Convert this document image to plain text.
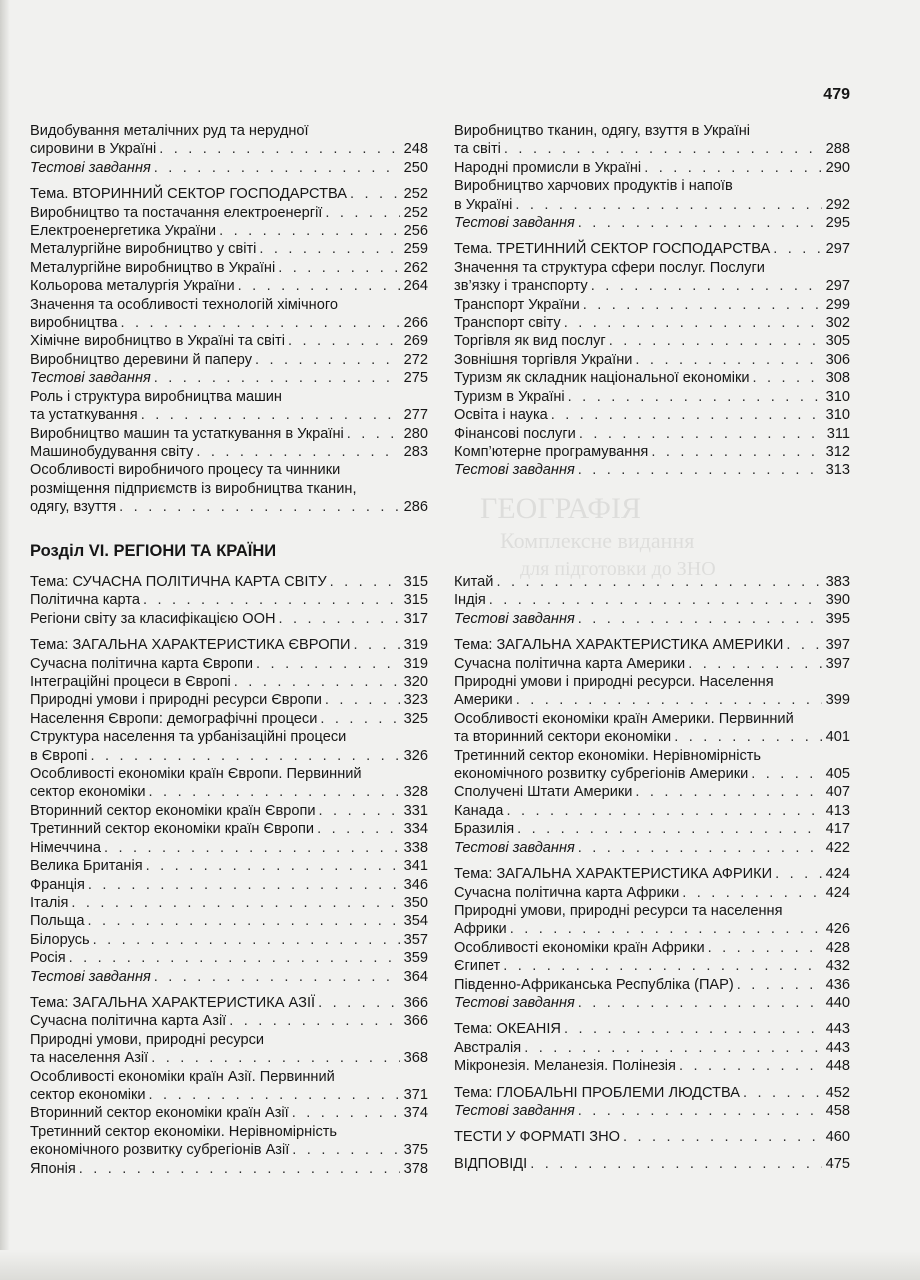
ГЕОГРАФІЯ
Комплексне видання
для підготовки до ЗНО
479
Видобування металічних руд та нерудної
сировини в Україні . . .	248
Тестові завдання . . .	250
Тема. ВТОРИННИЙ СЕКТОР ГОСПОДАРСТВА . . .	252
Виробництво та постачання електроенергії . . .	252
Електроенергетика України . . .	256
Металургійне виробництво у світі . . .	259
Металургійне виробництво в Україні . . .	262
Кольорова металургія України . . .	264
Значення та особливості технологій хімічного
виробництва . . .	266
Хімічне виробництво в Україні та світі . . .	269
Виробництво деревини й паперу . . .	272
Тестові завдання . . .	275
Роль і структура виробництва машин
та устаткування . . .	277
Виробництво машин та устаткування в Україні . . .	280
Машинобудування світу . . .	283
Особливості виробничого процесу та чинники
розміщення підприємств із виробництва тканин,
одягу, взуття . . .	286
Виробництво тканин, одягу, взуття в Україні
та світі . . .	288
Народні промисли в Україні . . .	290
Виробництво харчових продуктів і напоїв
в Україні . . .	292
Тестові завдання . . .	295
Тема. ТРЕТИННИЙ СЕКТОР ГОСПОДАРСТВА . . .	297
Значення та структура сфери послуг. Послуги
зв’язку і транспорту . . .	297
Транспорт України . . .	299
Транспорт світу . . .	302
Торгівля як вид послуг . . .	305
Зовнішня торгівля України . . .	306
Туризм як складник національної економіки . . .	308
Туризм в Україні . . .	310
Освіта і наука . . .	310
Фінансові послуги . . .	311
Комп’ютерне програмування . . .	312
Тестові завдання . . .	313
Розділ VI. РЕГІОНИ ТА КРАЇНИ
Тема: СУЧАСНА ПОЛІТИЧНА КАРТА СВІТУ . . .	315
Політична карта . . .	315
Регіони світу за класифікацією ООН . . .	317
Тема: ЗАГАЛЬНА ХАРАКТЕРИСТИКА ЄВРОПИ . . .	319
Сучасна політична карта Європи . . .	319
Інтеграційні процеси в Європі . . .	320
Природні умови і природні ресурси Європи . . .	323
Населення Європи: демографічні процеси . . .	325
Структура населення та урбанізаційні процеси
в Європі . . .	326
Особливості економіки країн Європи. Первинний
сектор економіки . . .	328
Вторинний сектор економіки країн Європи . . .	331
Третинний сектор економіки країн Європи . . .	334
Німеччина . . .	338
Велика Британія . . .	341
Франція . . .	346
Італія . . .	350
Польща . . .	354
Білорусь . . .	357
Росія . . .	359
Тестові завдання . . .	364
Тема: ЗАГАЛЬНА ХАРАКТЕРИСТИКА АЗІЇ . . .	366
Сучасна політична карта Азії . . .	366
Природні умови, природні ресурси
та населення Азії . . .	368
Особливості економіки країн Азії. Первинний
сектор економіки . . .	371
Вторинний сектор економіки країн Азії . . .	374
Третинний сектор економіки. Нерівномірність
економічного розвитку субрегіонів Азії . . .	375
Японія . . .	378
Китай . . .	383
Індія . . .	390
Тестові завдання . . .	395
Тема: ЗАГАЛЬНА ХАРАКТЕРИСТИКА АМЕРИКИ . . .	397
Сучасна політична карта Америки . . .	397
Природні умови і природні ресурси. Населення
Америки . . .	399
Особливості економіки країн Америки. Первинний
та вторинний сектори економіки . . .	401
Третинний сектор економіки. Нерівномірність
економічного розвитку субрегіонів Америки . . .	405
Сполучені Штати Америки . . .	407
Канада . . .	413
Бразилія . . .	417
Тестові завдання . . .	422
Тема: ЗАГАЛЬНА ХАРАКТЕРИСТИКА АФРИКИ . . .	424
Сучасна політична карта Африки . . .	424
Природні умови, природні ресурси та населення
Африки . . .	426
Особливості економіки країн Африки . . .	428
Єгипет . . .	432
Південно-Африканська Республіка (ПАР) . . .	436
Тестові завдання . . .	440
Тема: ОКЕАНІЯ . . .	443
Австралія . . .	443
Мікронезія. Меланезія. Полінезія . . .	448
Тема: ГЛОБАЛЬНІ ПРОБЛЕМИ ЛЮДСТВА . . .	452
Тестові завдання . . .	458
ТЕСТИ У ФОРМАТІ ЗНО . . .	460
ВІДПОВІДІ . . .	475
